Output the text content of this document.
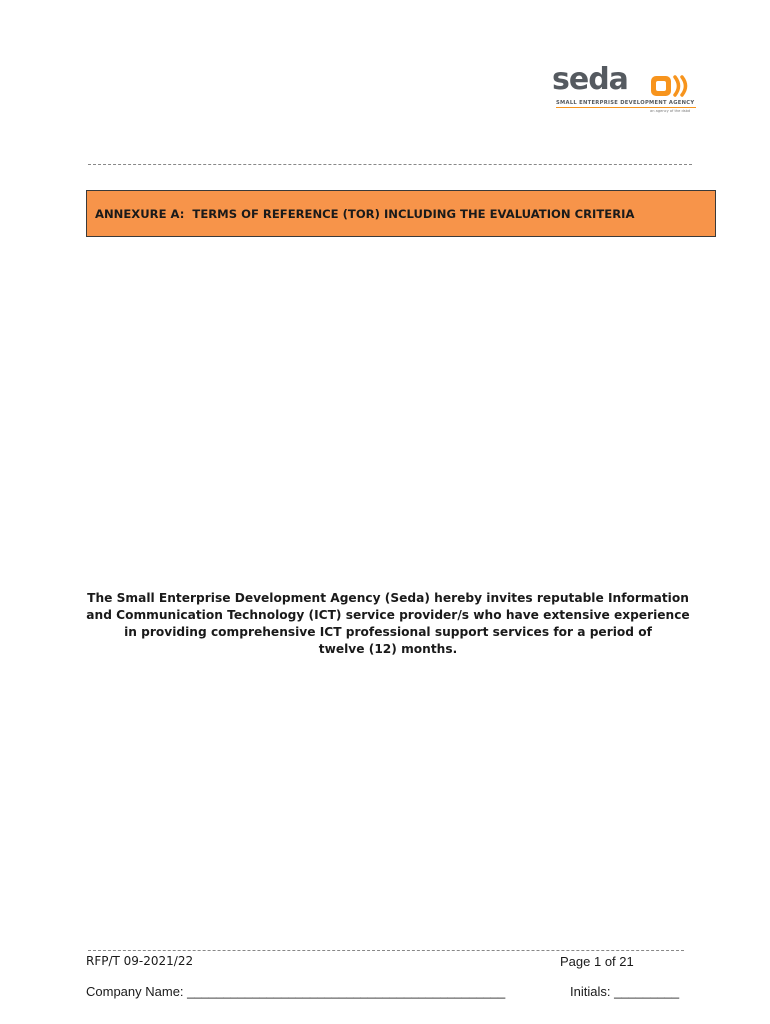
seda
SMALL ENTERPRISE DEVELOPMENT AGENCY
an agency of the dsbd
ANNEXURE A:  TERMS OF REFERENCE (TOR) INCLUDING THE EVALUATION CRITERIA
The Small Enterprise Development Agency (Seda) hereby invites reputable Information
and Communication Technology (ICT) service provider/s who have extensive experience
in providing comprehensive ICT professional support services for a period of
twelve (12) months.
RFP/T 09-2021/22	Page 1 of 21
Company Name: ____________________________________________	Initials: _________
